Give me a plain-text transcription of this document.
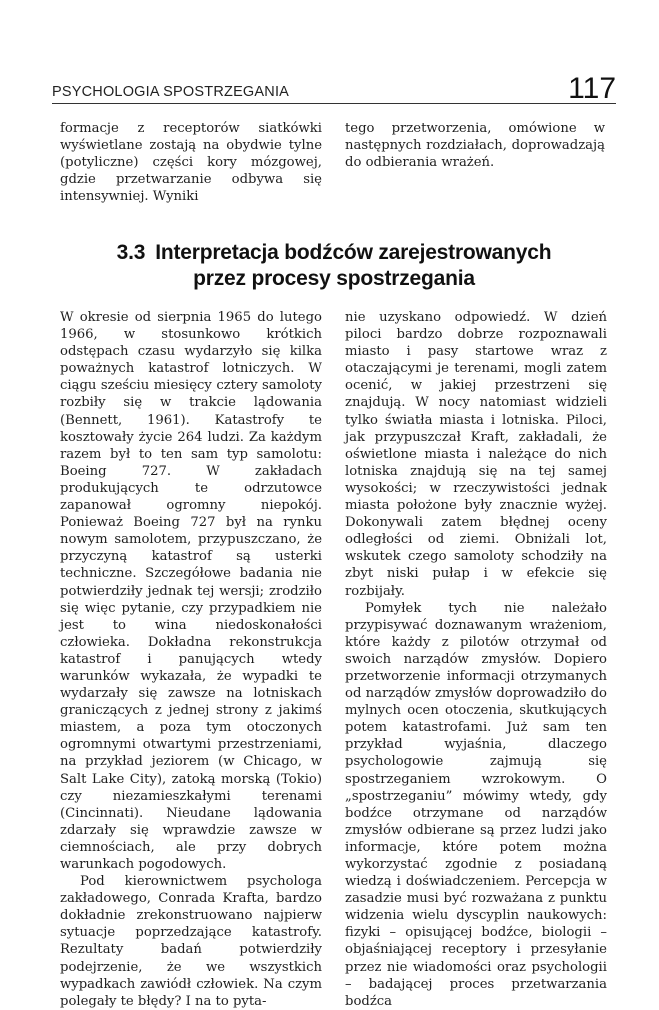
PSYCHOLOGIA SPOSTRZEGANIA	117

formacje z receptorów siatkówki wyświetlane zostają na obydwie tylne (potyliczne) części kory mózgowej, gdzie przetwarzanie odbywa się intensywniej. Wyniki

tego przetworzenia, omówione w następnych rozdziałach, doprowadzają do odbierania wrażeń.

3.3 Interpretacja bodźców zarejestrowanych
przez procesy spostrzegania

W okresie od sierpnia 1965 do lutego 1966, w stosunkowo krótkich odstępach czasu wydarzyło się kilka poważnych katastrof lotniczych. W ciągu sześciu miesięcy cztery samoloty rozbiły się w trakcie lądowania (Bennett, 1961). Katastrofy te kosztowały życie 264 ludzi. Za każdym razem był to ten sam typ samolotu: Boeing 727. W zakładach produkujących te odrzutowce zapanował ogromny niepokój. Ponieważ Boeing 727 był na rynku nowym samolotem, przypuszczano, że przyczyną katastrof są usterki techniczne. Szczegółowe badania nie potwierdziły jednak tej wersji; zrodziło się więc pytanie, czy przypadkiem nie jest to wina niedoskonałości człowieka. Dokładna rekonstrukcja katastrof i panujących wtedy warunków wykazała, że wypadki te wydarzały się zawsze na lotniskach graniczących z jednej strony z jakimś miastem, a poza tym otoczonych ogromnymi otwartymi przestrzeniami, na przykład jeziorem (w Chicago, w Salt Lake City), zatoką morską (Tokio) czy niezamieszkałymi terenami (Cincinnati). Nieudane lądowania zdarzały się wprawdzie zawsze w ciemnościach, ale przy dobrych warunkach pogodowych.

Pod kierownictwem psychologa zakładowego, Conrada Krafta, bardzo dokładnie zrekonstruowano najpierw sytuacje poprzedzające katastrofy. Rezultaty badań potwierdziły podejrzenie, że we wszystkich wypadkach zawiódł człowiek. Na czym polegały te błędy? I na to pyta-

nie uzyskano odpowiedź. W dzień piloci bardzo dobrze rozpoznawali miasto i pasy startowe wraz z otaczającymi je terenami, mogli zatem ocenić, w jakiej przestrzeni się znajdują. W nocy natomiast widzieli tylko światła miasta i lotniska. Piloci, jak przypuszczał Kraft, zakładali, że oświetlone miasta i należące do nich lotniska znajdują się na tej samej wysokości; w rzeczywistości jednak miasta położone były znacznie wyżej. Dokonywali zatem błędnej oceny odległości od ziemi. Obniżali lot, wskutek czego samoloty schodziły na zbyt niski pułap i w efekcie się rozbijały.

Pomyłek tych nie należało przypisywać doznawanym wrażeniom, które każdy z pilotów otrzymał od swoich narządów zmysłów. Dopiero przetworzenie informacji otrzymanych od narządów zmysłów doprowadziło do mylnych ocen otoczenia, skutkujących potem katastrofami. Już sam ten przykład wyjaśnia, dlaczego psychologowie zajmują się spostrzeganiem wzrokowym. O „spostrzeganiu” mówimy wtedy, gdy bodźce otrzymane od narządów zmysłów odbierane są przez ludzi jako informacje, które potem można wykorzystać zgodnie z posiadaną wiedzą i doświadczeniem. Percepcja w zasadzie musi być rozważana z punktu widzenia wielu dyscyplin naukowych: fizyki – opisującej bodźce, biologii – objaśniającej receptory i przesyłanie przez nie wiadomości oraz psychologii – badającej proces przetwarzania bodźca
